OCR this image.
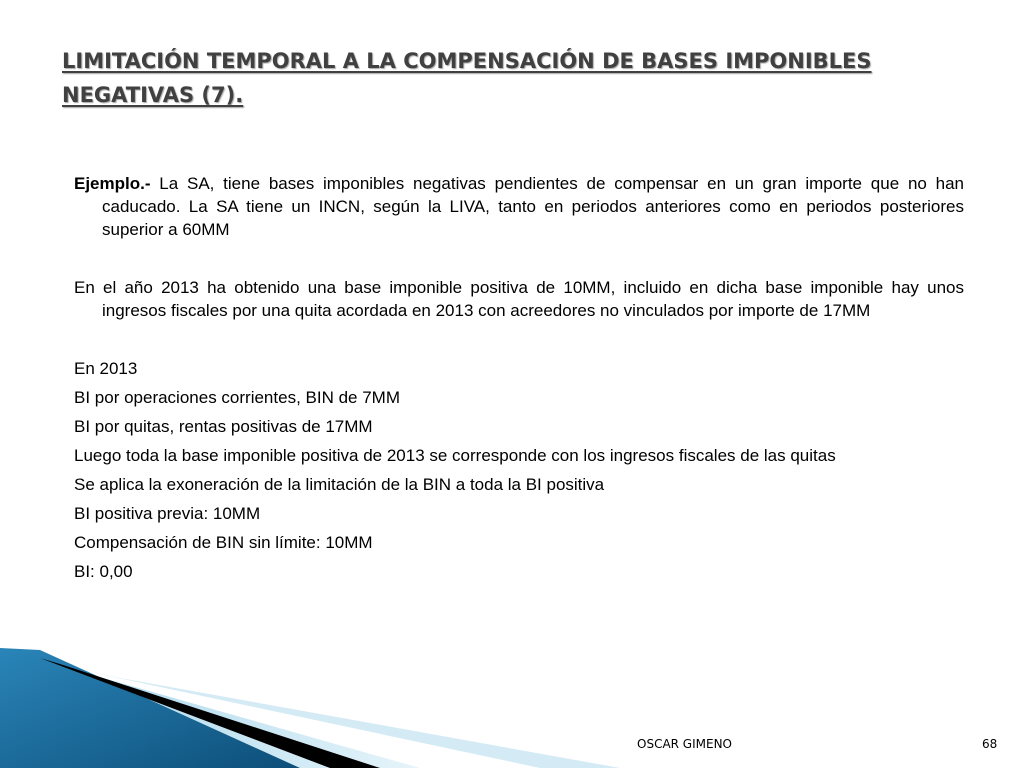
LIMITACIÓN TEMPORAL A LA COMPENSACIÓN DE BASES IMPONIBLES NEGATIVAS (7).

Ejemplo.- La SA, tiene bases imponibles negativas pendientes de compensar en un gran importe que no han caducado. La SA tiene un INCN, según la LIVA, tanto en periodos anteriores como en periodos posteriores superior a 60MM

En el año 2013 ha obtenido una base imponible positiva de 10MM, incluido en dicha base imponible hay unos ingresos fiscales por una quita acordada en 2013 con acreedores no vinculados por importe de 17MM

En 2013

BI por operaciones corrientes, BIN de 7MM

BI por quitas, rentas positivas de 17MM

Luego toda la base imponible positiva de 2013 se corresponde con los ingresos fiscales de las quitas

Se aplica la exoneración de la limitación de la BIN a toda la BI positiva

BI positiva previa: 10MM

Compensación de BIN sin límite: 10MM

BI: 0,00

OSCAR GIMENO	68
